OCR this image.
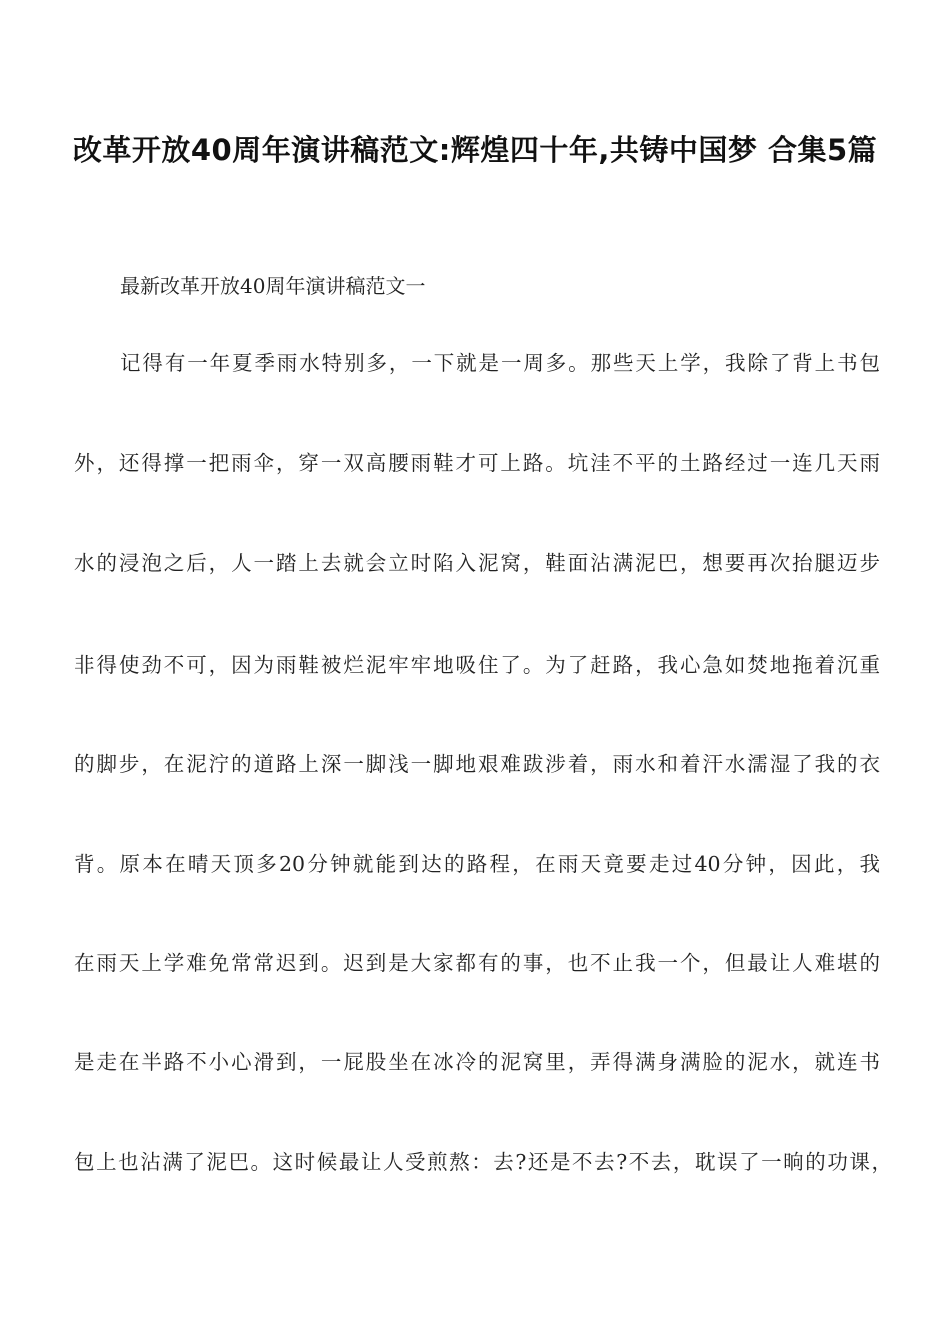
改革开放40周年演讲稿范文:辉煌四十年,共铸中国梦 合集5篇
最新改革开放40周年演讲稿范文一
记得有一年夏季雨水特别多，一下就是一周多。那些天上学，我除了背上书包
外，还得撑一把雨伞，穿一双高腰雨鞋才可上路。坑洼不平的土路经过一连几天雨
水的浸泡之后，人一踏上去就会立时陷入泥窝，鞋面沾满泥巴，想要再次抬腿迈步
非得使劲不可，因为雨鞋被烂泥牢牢地吸住了。为了赶路，我心急如焚地拖着沉重
的脚步，在泥泞的道路上深一脚浅一脚地艰难跋涉着，雨水和着汗水濡湿了我的衣
背。原本在晴天顶多20分钟就能到达的路程，在雨天竟要走过40分钟，因此，我
在雨天上学难免常常迟到。迟到是大家都有的事，也不止我一个，但最让人难堪的
是走在半路不小心滑到，一屁股坐在冰冷的泥窝里，弄得满身满脸的泥水，就连书
包上也沾满了泥巴。这时候最让人受煎熬：去?还是不去?不去，耽误了一晌的功课，
